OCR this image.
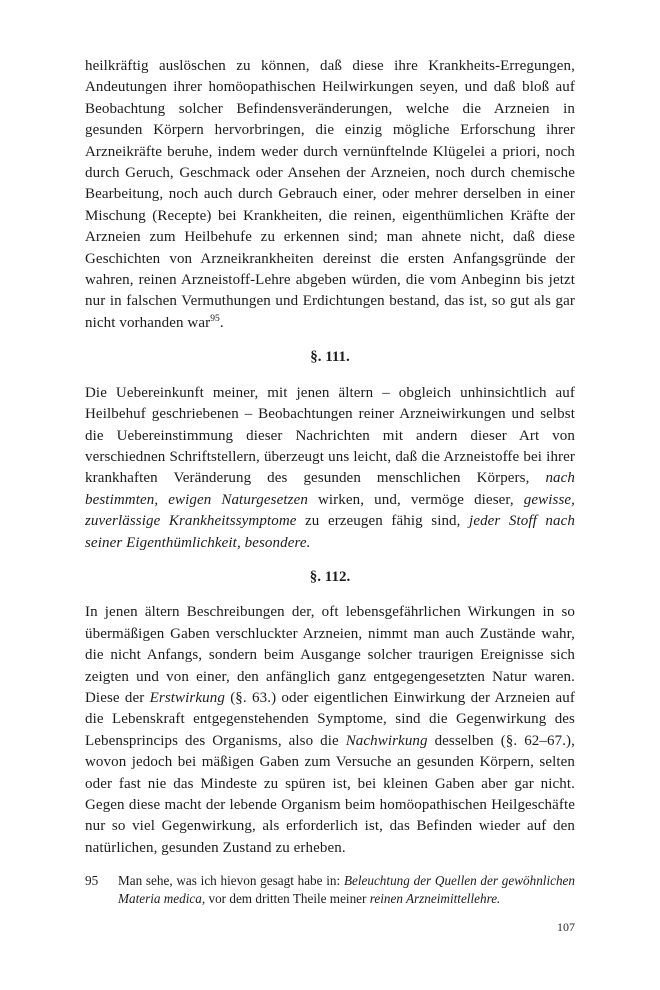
heilkräftig auslöschen zu können, daß diese ihre Krankheits-Erregungen, Andeutungen ihrer homöopathischen Heilwirkungen seyen, und daß bloß auf Beobachtung solcher Befindensveränderungen, welche die Arzneien in gesunden Körpern hervorbringen, die einzig mögliche Erforschung ihrer Arzneikräfte beruhe, indem weder durch vernünftelnde Klügelei a priori, noch durch Geruch, Geschmack oder Ansehen der Arzneien, noch durch chemische Bearbeitung, noch auch durch Gebrauch einer, oder mehrer derselben in einer Mischung (Recepte) bei Krankheiten, die reinen, eigenthümlichen Kräfte der Arzneien zum Heilbehufe zu erkennen sind; man ahnete nicht, daß diese Geschichten von Arzneikrankheiten dereinst die ersten Anfangsgründe der wahren, reinen Arzneistoff-Lehre abgeben würden, die vom Anbeginn bis jetzt nur in falschen Vermuthungen und Erdichtungen bestand, das ist, so gut als gar nicht vorhanden war$^{95}$.

§. 111.

Die Uebereinkunft meiner, mit jenen ältern – obgleich unhinsichtlich auf Heilbehuf geschriebenen – Beobachtungen reiner Arzneiwirkungen und selbst die Uebereinstimmung dieser Nachrichten mit andern dieser Art von verschiednen Schriftstellern, überzeugt uns leicht, daß die Arzneistoffe bei ihrer krankhaften Veränderung des gesunden menschlichen Körpers, nach bestimmten, ewigen Naturgesetzen wirken, und, vermöge dieser, gewisse, zuverlässige Krankheitssymptome zu erzeugen fähig sind, jeder Stoff nach seiner Eigenthümlichkeit, besondere.

§. 112.

In jenen ältern Beschreibungen der, oft lebensgefährlichen Wirkungen in so übermäßigen Gaben verschluckter Arzneien, nimmt man auch Zustände wahr, die nicht Anfangs, sondern beim Ausgange solcher traurigen Ereignisse sich zeigten und von einer, den anfänglich ganz entgegengesetzten Natur waren. Diese der Erstwirkung (§. 63.) oder eigentlichen Einwirkung der Arzneien auf die Lebenskraft entgegenstehenden Symptome, sind die Gegenwirkung des Lebensprincips des Organisms, also die Nachwirkung desselben (§. 62–67.), wovon jedoch bei mäßigen Gaben zum Versuche an gesunden Körpern, selten oder fast nie das Mindeste zu spüren ist, bei kleinen Gaben aber gar nicht. Gegen diese macht der lebende Organism beim homöopathischen Heilgeschäfte nur so viel Gegenwirkung, als erforderlich ist, das Befinden wieder auf den natürlichen, gesunden Zustand zu erheben.

95	Man sehe, was ich hievon gesagt habe in: Beleuchtung der Quellen der gewöhnlichen Materia medica, vor dem dritten Theile meiner reinen Arzneimittellehre.
107
